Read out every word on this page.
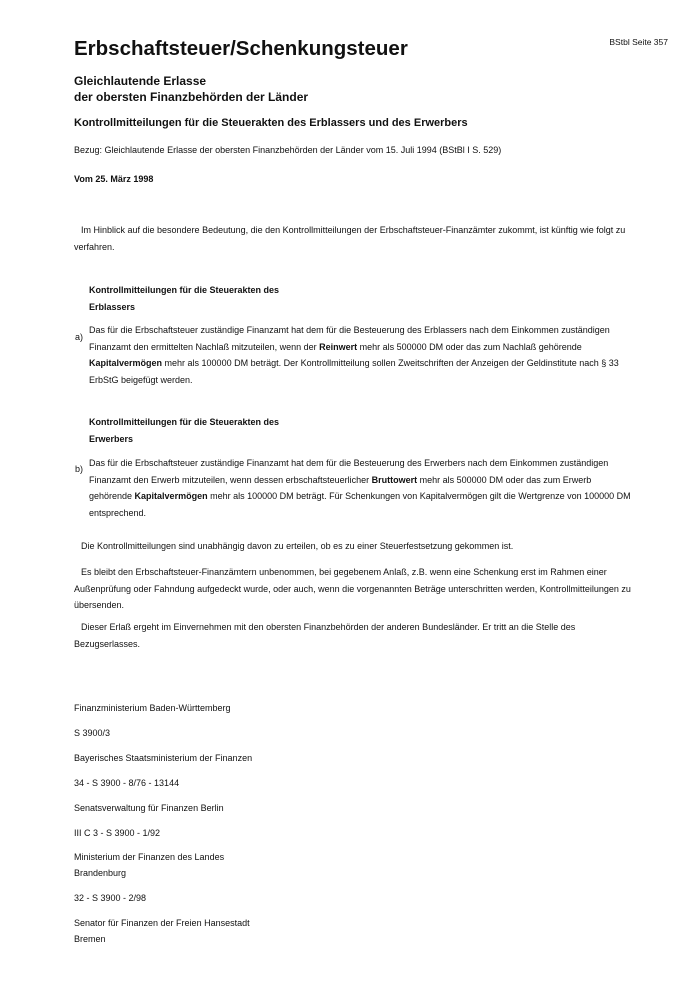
BStbl Seite 357
Erbschaftsteuer/Schenkungsteuer
Gleichlautende Erlasse
der obersten Finanzbehörden der Länder
Kontrollmitteilungen für die Steuerakten des Erblassers und des Erwerbers
Bezug: Gleichlautende Erlasse der obersten Finanzbehörden der Länder vom 15. Juli 1994 (BStBl I S. 529)
Vom 25. März 1998
Im Hinblick auf die besondere Bedeutung, die den Kontrollmitteilungen der Erbschaftsteuer-Finanzämter zukommt, ist künftig wie folgt zu verfahren.
Kontrollmitteilungen für die Steuerakten des
Erblassers
a)
Das für die Erbschaftsteuer zuständige Finanzamt hat dem für die Besteuerung des Erblassers nach dem Einkommen zuständigen Finanzamt den ermittelten Nachlaß mitzuteilen, wenn der Reinwert mehr als 500000 DM oder das zum Nachlaß gehörende Kapitalvermögen mehr als 100000 DM beträgt. Der Kontrollmitteilung sollen Zweitschriften der Anzeigen der Geldinstitute nach § 33 ErbStG beigefügt werden.
Kontrollmitteilungen für die Steuerakten des
Erwerbers
b)
Das für die Erbschaftsteuer zuständige Finanzamt hat dem für die Besteuerung des Erwerbers nach dem Einkommen zuständigen Finanzamt den Erwerb mitzuteilen, wenn dessen erbschaftsteuerlicher Bruttowert mehr als 500000 DM oder das zum Erwerb gehörende Kapitalvermögen mehr als 100000 DM beträgt. Für Schenkungen von Kapitalvermögen gilt die Wertgrenze von 100000 DM entsprechend.
Die Kontrollmitteilungen sind unabhängig davon zu erteilen, ob es zu einer Steuerfestsetzung gekommen ist.
Es bleibt den Erbschaftsteuer-Finanzämtern unbenommen, bei gegebenem Anlaß, z.B. wenn eine Schenkung erst im Rahmen einer Außenprüfung oder Fahndung aufgedeckt wurde, oder auch, wenn die vorgenannten Beträge unterschritten werden, Kontrollmitteilungen zu übersenden.
Dieser Erlaß ergeht im Einvernehmen mit den obersten Finanzbehörden der anderen Bundesländer. Er tritt an die Stelle des Bezugserlasses.
Finanzministerium Baden-Württemberg
S 3900/3
Bayerisches Staatsministerium der Finanzen
34 - S 3900 - 8/76 - 13144
Senatsverwaltung für Finanzen Berlin
III C 3 - S 3900 - 1/92
Ministerium der Finanzen des Landes
Brandenburg
32 - S 3900 - 2/98
Senator für Finanzen der Freien Hansestadt
Bremen
